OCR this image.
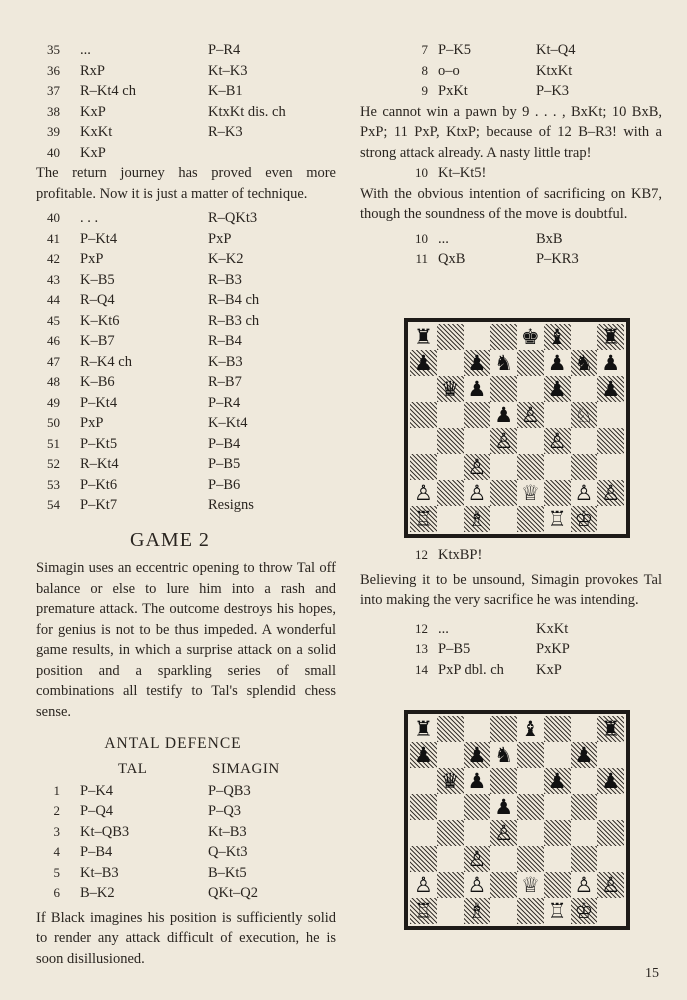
35 ...	P–R4
36 RxP	Kt–K3
37 R–Kt4 ch	K–B1
38 KxP	KtxKt dis. ch
39 KxKt	R–K3
40 KxP

The return journey has proved even more profitable. Now it is just a matter of technique.

40 . . .	R–QKt3
41 P–Kt4	PxP
42 PxP	K–K2
43 K–B5	R–B3
44 R–Q4	R–B4 ch
45 K–Kt6	R–B3 ch
46 K–B7	R–B4
47 R–K4 ch	K–B3
48 K–B6	R–B7
49 P–Kt4	P–R4
50 PxP	K–Kt4
51 P–Kt5	P–B4
52 R–Kt4	P–B5
53 P–Kt6	P–B6
54 P–Kt7	Resigns
GAME 2

Simagin uses an eccentric opening to throw Tal off balance or else to lure him into a rash and premature attack. The outcome destroys his hopes, for genius is not to be thus impeded. A wonderful game results, in which a surprise attack on a solid position and a sparkling series of small combinations all testify to Tal's splendid chess sense.

ANTAL DEFENCE
TAL	SIMAGIN
1 P–K4	P–QB3
2 P–Q4	P–Q3
3 Kt–QB3	Kt–B3
4 P–B4	Q–Kt3
5 Kt–B3	B–Kt5
6 B–K2	QKt–Q2

If Black imagines his position is sufficiently solid to render any attack difficult of execution, he is soon disillusioned.

7 P–K5	Kt–Q4
8 o–o	KtxKt
9 PxKt	P–K3

He cannot win a pawn by 9 . . . , BxKt; 10 BxB, PxP; 11 PxP, KtxP; because of 12 B–R3! with a strong attack already. A nasty little trap!

10 Kt–Kt5!

With the obvious intention of sacrificing on KB7, though the soundness of the move is doubtful.

10 ...	BxB
11 QxB	P–KR3
♜	♚ ♝ ♜
♟ ♟ ♞ ♟ ♞ ♟
♛ ♟	♟ ♟
♟ ♙ ♘
♙ ♙
♙
♙ ♙ ♕ ♙ ♙
♖ ♗	♖ ♔
12 KtxBP!

Believing it to be unsound, Simagin provokes Tal into making the very sacrifice he was intending.

12 ...	KxKt
13 P–B5	PxKP
14 PxP dbl. ch KxP
♜	♝	♜
♟ ♟ ♞	♟
♛ ♟	♟ ♟
♟
♙
♙
♙ ♙ ♕ ♙ ♙
♖ ♗	♖ ♔
15
